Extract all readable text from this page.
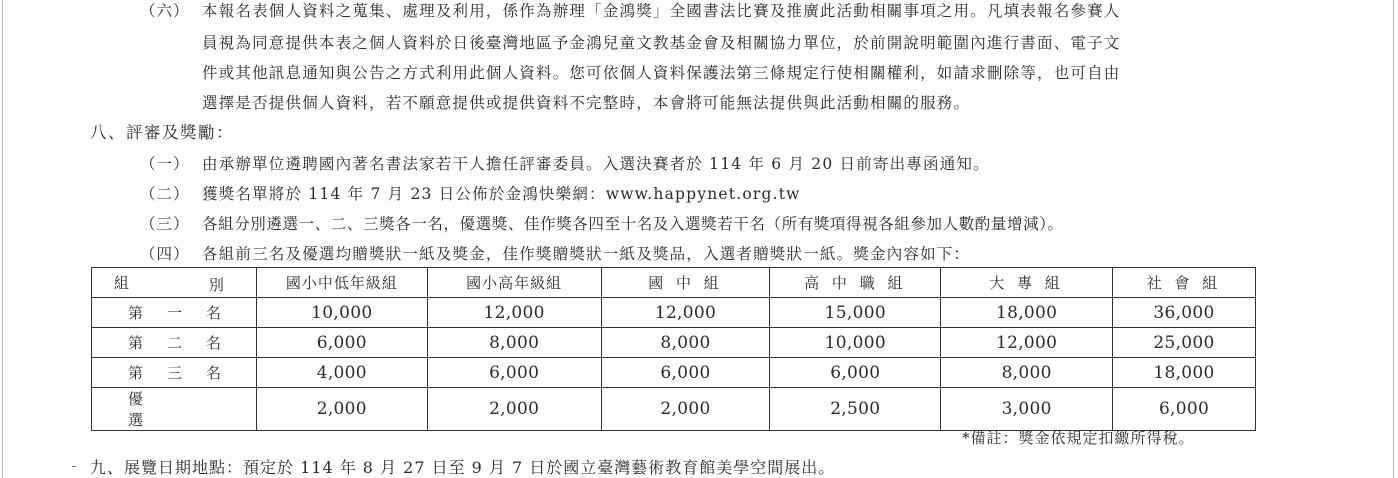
（六） 本報名表個人資料之蒐集、處理及利用，係作為辦理「金鴻獎」全國書法比賽及推廣此活動相關事項之用。凡填表報名參賽人
員視為同意提供本表之個人資料於日後臺灣地區予金鴻兒童文教基金會及相關協力單位，於前開說明範圍內進行書面、電子文
件或其他訊息通知與公告之方式利用此個人資料。您可依個人資料保護法第三條規定行使相關權利，如請求刪除等，也可自由
選擇是否提供個人資料，若不願意提供或提供資料不完整時，本會將可能無法提供與此活動相關的服務。
八、評審及獎勵：
（一） 由承辦單位遴聘國內著名書法家若干人擔任評審委員。入選決賽者於 114 年 6 月 20 日前寄出專函通知。
（二） 獲獎名單將於 114 年 7 月 23 日公佈於金鴻快樂網：www.happynet.org.tw
（三） 各組分別遴選一、二、三獎各一名，優選獎、佳作獎各四至十名及入選獎若干名（所有獎項得視各組參加人數酌量增減）。
（四） 各組前三名及優選均贈獎狀一紙及獎金，佳作獎贈獎狀一紙及獎品，入選者贈獎狀一紙。獎金內容如下：
組 別	國小中低年級組	國小高年級組	國 中 組	高 中 職 組	大 專 組	社 會 組
第一名	10,000	12,000	12,000	15,000	18,000	36,000
第二名	6,000	8,000	8,000	10,000	12,000	25,000
第三名	4,000	6,000	6,000	6,000	8,000	18,000
優選	2,000	2,000	2,000	2,500	3,000	6,000
*備註：獎金依規定扣繳所得稅。
九、展覽日期地點：預定於 114 年 8 月 27 日至 9 月 7 日於國立臺灣藝術教育館美學空間展出。
